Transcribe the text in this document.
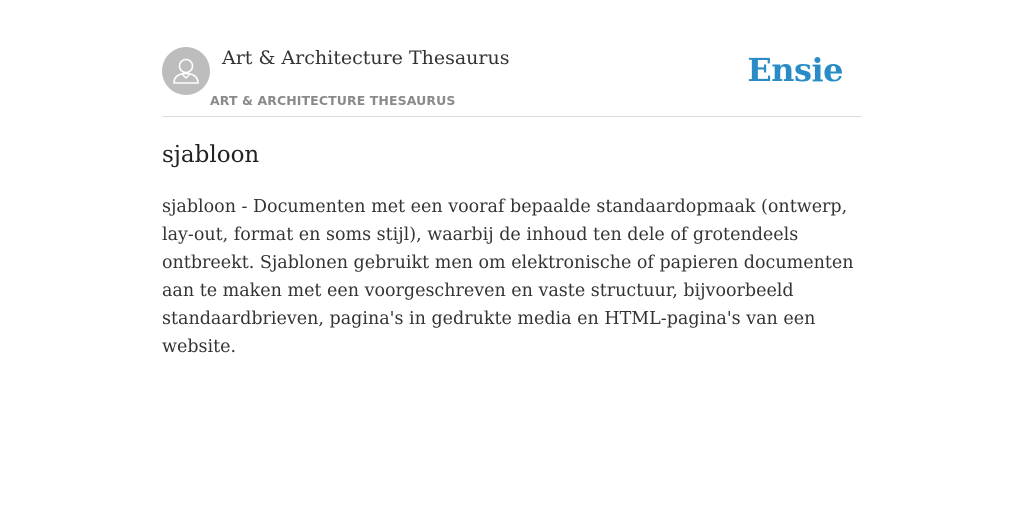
Art & Architecture Thesaurus
ART & ARCHITECTURE THESAURUS
Ensie
sjabloon

sjabloon - Documenten met een vooraf bepaalde standaardopmaak (ontwerp, lay-out, format en soms stijl), waarbij de inhoud ten dele of grotendeels ontbreekt. Sjablonen gebruikt men om elektronische of papieren documenten aan te maken met een voorgeschreven en vaste structuur, bijvoorbeeld standaardbrieven, pagina's in gedrukte media en HTML-pagina's van een website.
